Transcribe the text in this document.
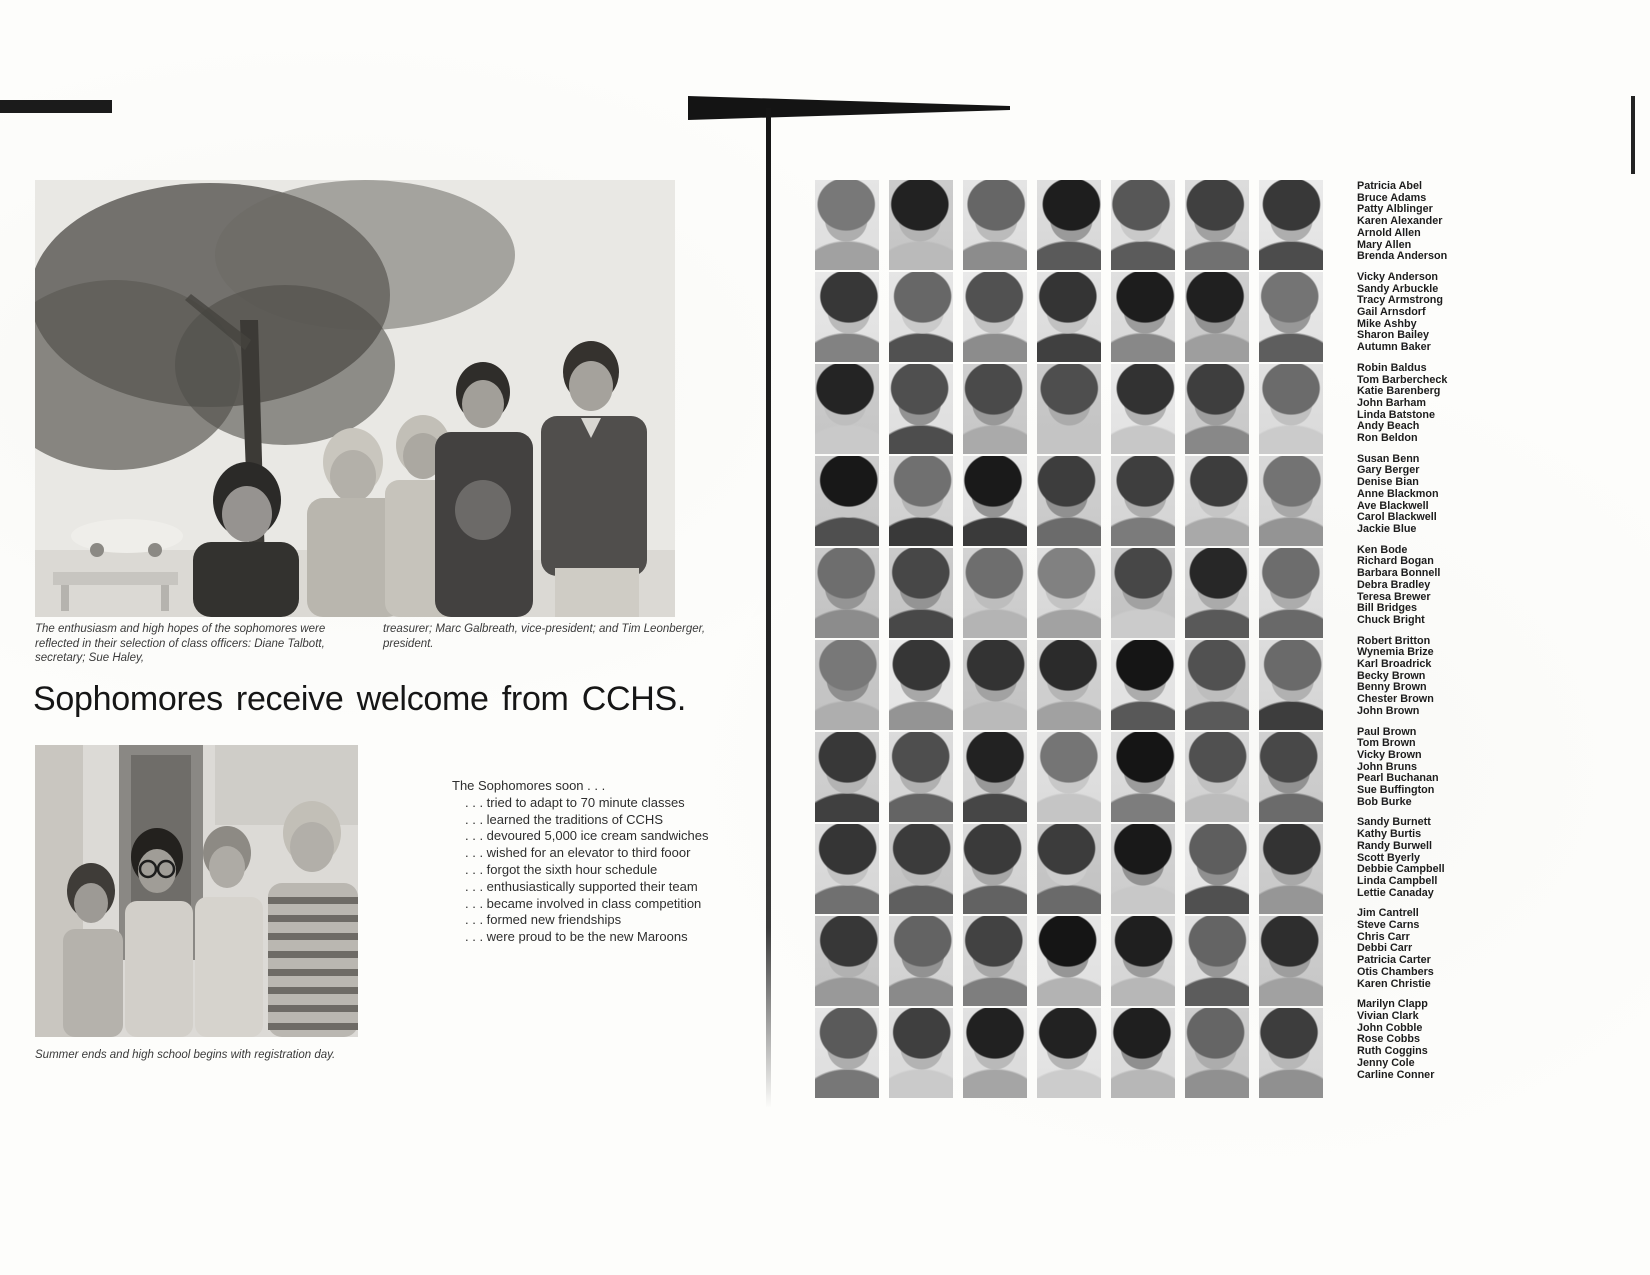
The enthusiasm and high hopes of the sophomores were reflected in their selection of class officers: Diane Talbott, secretary; Sue Haley,
treasurer; Marc Galbreath, vice-president; and Tim Leonberger, president.
Sophomores receive welcome from CCHS.
Summer ends and high school begins with registration day.

The Sophomores soon . . .

. . . tried to adapt to 70 minute classes
. . . learned the traditions of CCHS
. . . devoured 5,000 ice cream sandwiches
. . . wished for an elevator to third fooor
. . . forgot the sixth hour schedule
. . . enthusiastically supported their team
. . . became involved in class competition
. . . formed new friendships
. . . were proud to be the new Maroons

Patricia Abel

Bruce Adams

Patty Alblinger

Karen Alexander

Arnold Allen

Mary Allen

Brenda Anderson

Vicky Anderson

Sandy Arbuckle

Tracy Armstrong

Gail Arnsdorf

Mike Ashby

Sharon Bailey

Autumn Baker

Robin Baldus

Tom Barbercheck

Katie Barenberg

John Barham

Linda Batstone

Andy Beach

Ron Beldon

Susan Benn

Gary Berger

Denise Bian

Anne Blackmon

Ave Blackwell

Carol Blackwell

Jackie Blue

Ken Bode

Richard Bogan

Barbara Bonnell

Debra Bradley

Teresa Brewer

Bill Bridges

Chuck Bright

Robert Britton

Wynemia Brize

Karl Broadrick

Becky Brown

Benny Brown

Chester Brown

John Brown

Paul Brown

Tom Brown

Vicky Brown

John Bruns

Pearl Buchanan

Sue Buffington

Bob Burke

Sandy Burnett

Kathy Burtis

Randy Burwell

Scott Byerly

Debbie Campbell

Linda Campbell

Lettie Canaday

Jim Cantrell

Steve Carns

Chris Carr

Debbi Carr

Patricia Carter

Otis Chambers

Karen Christie

Marilyn Clapp

Vivian Clark

John Cobble

Rose Cobbs

Ruth Coggins

Jenny Cole

Carline Conner
